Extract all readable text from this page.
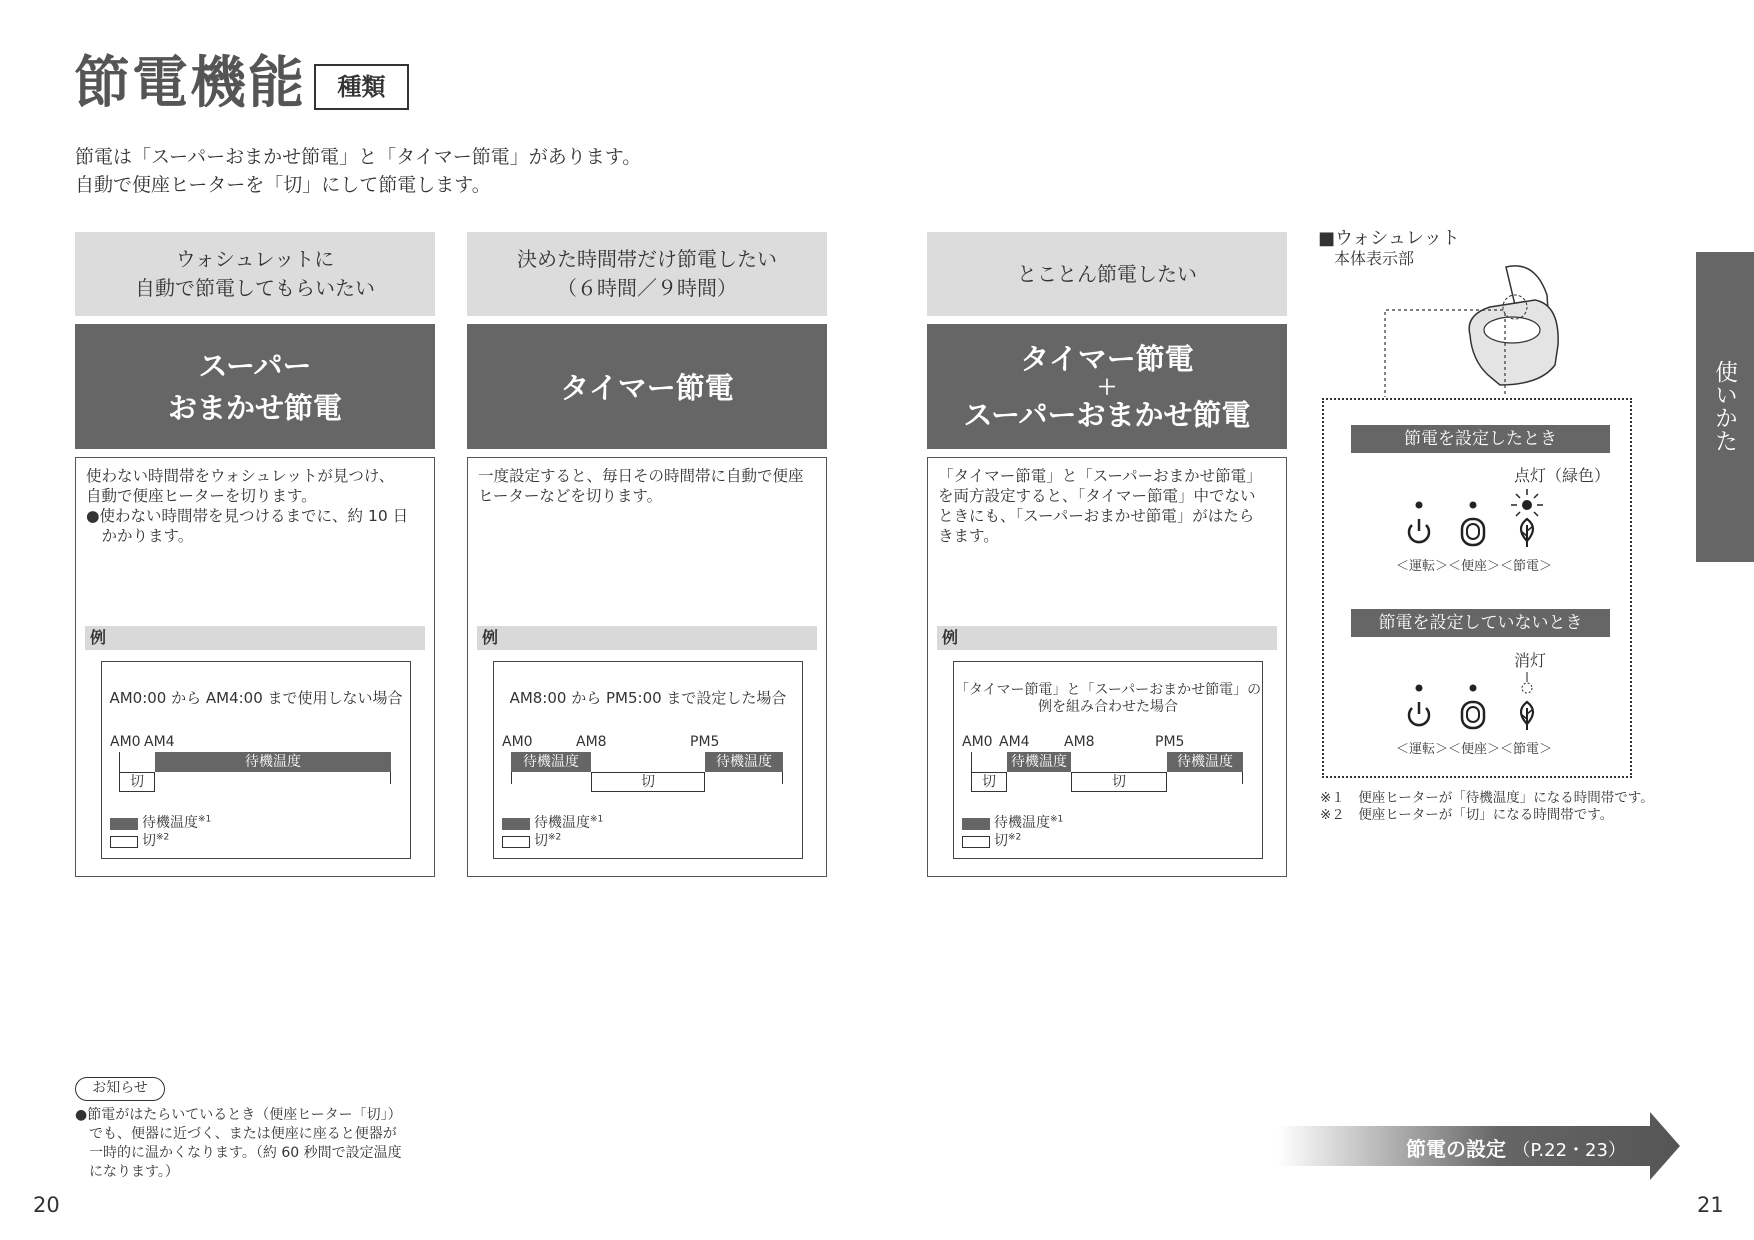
節電機能	種類
節電は「スーパーおまかせ節電」と「タイマー節電」があります。
自動で便座ヒーターを「切」にして節電します。
ウォシュレットに
自動で節電してもらいたい
スーパー
おまかせ節電
使わない時間帯をウォシュレットが見つけ、
自動で便座ヒーターを切ります。
●使わない時間帯を見つけるまでに、約 10 日
　かかります。
例
AM0:00 から AM4:00 まで使用しない場合
AM0 AM4
待機温度
切
待機温度$^{※1}$
切$^{※2}$
決めた時間帯だけ節電したい
（６時間／９時間）
タイマー節電
一度設定すると、毎日その時間帯に自動で便座
ヒーターなどを切ります。
例
AM8:00 から PM5:00 まで設定した場合
AM0	AM8	PM5
待機温度
切
待機温度
待機温度$^{※1}$
切$^{※2}$
とことん節電したい
タイマー節電
＋
スーパーおまかせ節電
「タイマー節電」と「スーパーおまかせ節電」
を両方設定すると、「タイマー節電」中でない
ときにも、「スーパーおまかせ節電」がはたら
きます。
例
「タイマー節電」と「スーパーおまかせ節電」の
例を組み合わせた場合
AM0 AM4 AM8	PM5
切
待機温度
切
待機温度
待機温度$^{※1}$
切$^{※2}$
■ウォシュレット
本体表示部
節電を設定したとき
点灯（緑色）
＜運転＞＜便座＞＜節電＞
節電を設定していないとき
消灯
＜運転＞＜便座＞＜節電＞
※１　便座ヒーターが「待機温度」になる時間帯です。
※２　便座ヒーターが「切」になる時間帯です。
使いかた
お知らせ
●節電がはたらいているとき（便座ヒーター「切」）
　でも、便器に近づく、または便座に座ると便器が
　一時的に温かくなります。（約 60 秒間で設定温度
　になります。）
節電の設定 （P.22・23）
20	21
